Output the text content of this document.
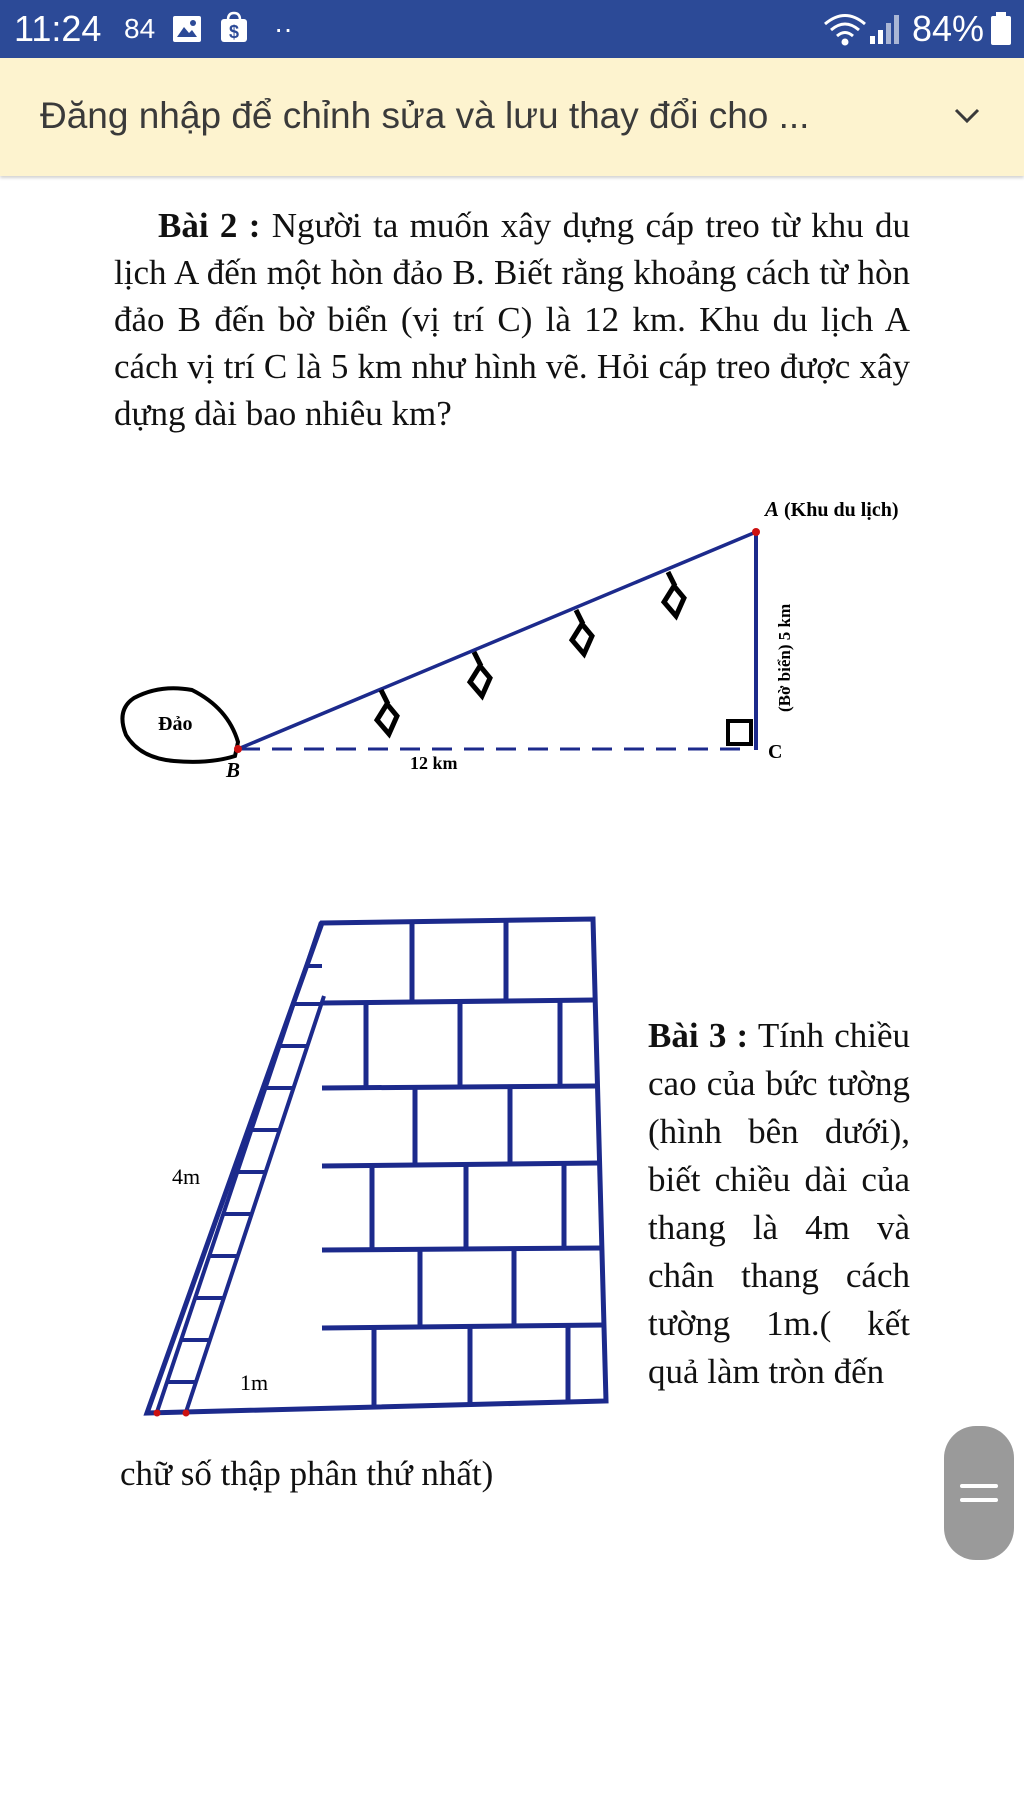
11:24 84	$ ··	84%
Đăng nhập để chỉnh sửa và lưu thay đổi cho ...
Bài 2 : Người ta muốn xây dựng cáp treo từ khu du lịch A đến một hòn đảo B. Biết rằng khoảng cách từ hòn đảo B đến bờ biển (vị trí C) là 12 km. Khu du lịch A cách vị trí C là 5 km như hình vẽ. Hỏi cáp treo được xây dựng dài bao nhiêu km?
Đảo
A (Khu du lịch)
B
C
12 km
(Bờ biển) 5 km
4m
1m
Bài 3 : Tính chiều cao của bức tường (hình bên dưới), biết chiều dài của thang là 4m và chân thang cách tường 1m.( kết quả làm tròn đến
chữ số thập phân thứ nhất)
